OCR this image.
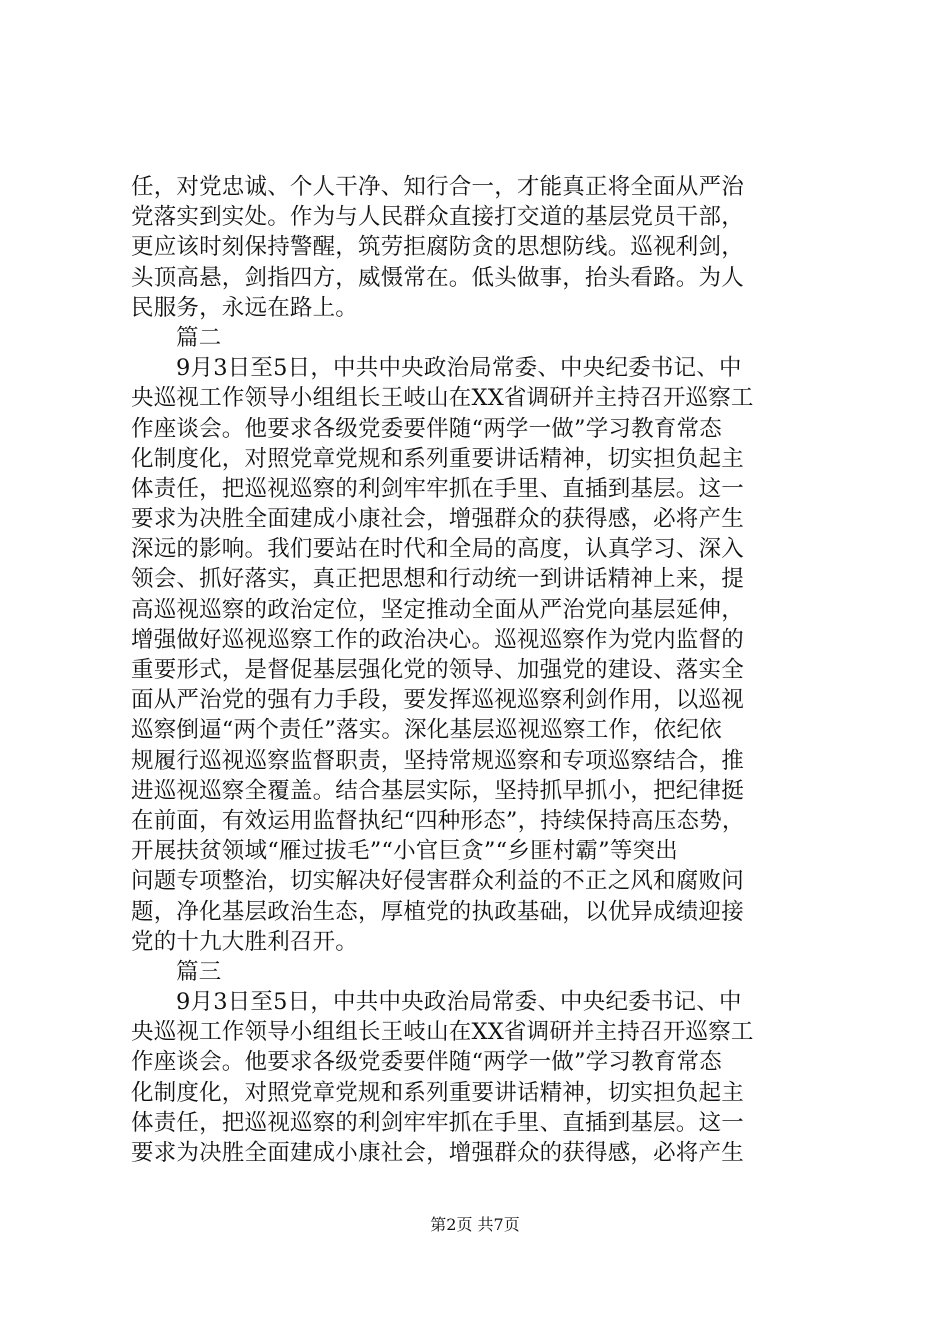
任，对党忠诚、个人干净、知行合一，才能真正将全面从严治
党落实到实处。作为与人民群众直接打交道的基层党员干部，
更应该时刻保持警醒，筑劳拒腐防贪的思想防线。巡视利剑，
头顶高悬，剑指四方，威慑常在。低头做事，抬头看路。为人
民服务，永远在路上。
篇二
9月3日至5日，中共中央政治局常委、中央纪委书记、中
央巡视工作领导小组组长王岐山在XX省调研并主持召开巡察工
作座谈会。他要求各级党委要伴随“两学一做”学习教育常态
化制度化，对照党章党规和系列重要讲话精神，切实担负起主
体责任，把巡视巡察的利剑牢牢抓在手里、直插到基层。这一
要求为决胜全面建成小康社会，增强群众的获得感，必将产生
深远的影响。我们要站在时代和全局的高度，认真学习、深入
领会、抓好落实，真正把思想和行动统一到讲话精神上来，提
高巡视巡察的政治定位，坚定推动全面从严治党向基层延伸，
增强做好巡视巡察工作的政治决心。巡视巡察作为党内监督的
重要形式，是督促基层强化党的领导、加强党的建设、落实全
面从严治党的强有力手段，要发挥巡视巡察利剑作用，以巡视
巡察倒逼“两个责任”落实。深化基层巡视巡察工作，依纪依
规履行巡视巡察监督职责，坚持常规巡察和专项巡察结合，推
进巡视巡察全覆盖。结合基层实际，坚持抓早抓小，把纪律挺
在前面，有效运用监督执纪“四种形态”，持续保持高压态势，
开展扶贫领域“雁过拔毛”“小官巨贪”“乡匪村霸”等突出
问题专项整治，切实解决好侵害群众利益的不正之风和腐败问
题，净化基层政治生态，厚植党的执政基础，以优异成绩迎接
党的十九大胜利召开。
篇三
9月3日至5日，中共中央政治局常委、中央纪委书记、中
央巡视工作领导小组组长王岐山在XX省调研并主持召开巡察工
作座谈会。他要求各级党委要伴随“两学一做”学习教育常态
化制度化，对照党章党规和系列重要讲话精神，切实担负起主
体责任，把巡视巡察的利剑牢牢抓在手里、直插到基层。这一
要求为决胜全面建成小康社会，增强群众的获得感，必将产生
第2页 共7页
